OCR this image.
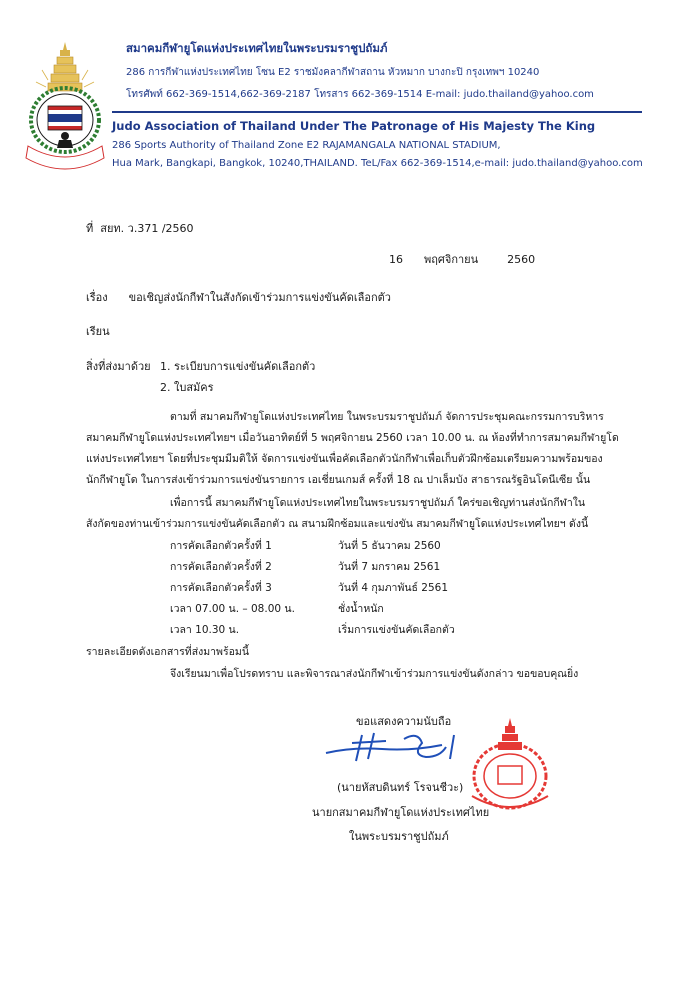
สมาคมกีฬายูโดแห่งประเทศไทยในพระบรมราชูปถัมภ์
286 การกีฬาแห่งประเทศไทย โซน E2 ราชมังคลากีฬาสถาน หัวหมาก บางกะปิ กรุงเทพฯ 10240
โทรศัพท์ 662-369-1514,662-369-2187 โทรสาร 662-369-1514 E-mail: judo.thailand@yahoo.com
Judo Association of Thailand Under The Patronage of His Majesty The King
286 Sports Authority of Thailand Zone E2 RAJAMANGALA NATIONAL STADIUM,
Hua Mark, Bangkapi, Bangkok, 10240,THAILAND. TeL/Fax 662-369-1514,e-mail: judo.thailand@yahoo.com
ที่ สยท. ว.371 /2560
16 พฤศจิกายน	2560
เรื่อง ขอเชิญส่งนักกีฬาในสังกัดเข้าร่วมการแข่งขันคัดเลือกตัว
เรียน
สิ่งที่ส่งมาด้วย 1. ระเบียบการแข่งขันคัดเลือกตัว
2. ใบสมัคร
ตามที่ สมาคมกีฬายูโดแห่งประเทศไทย ในพระบรมราชูปถัมภ์ จัดการประชุมคณะกรรมการบริหาร
สมาคมกีฬายูโดแห่งประเทศไทยฯ เมื่อวันอาทิตย์ที่ 5 พฤศจิกายน 2560 เวลา 10.00 น. ณ ห้องที่ทำการสมาคมกีฬายูโด
แห่งประเทศไทยฯ โดยที่ประชุมมีมติให้ จัดการแข่งขันเพื่อคัดเลือกตัวนักกีฬาเพื่อเก็บตัวฝึกซ้อมเตรียมความพร้อมของ
นักกีฬายูโด ในการส่งเข้าร่วมการแข่งขันรายการ เอเชี่ยนเกมส์ ครั้งที่ 18 ณ ปาเล็มบัง สาธารณรัฐอินโดนีเซีย นั้น
เพื่อการนี้ สมาคมกีฬายูโดแห่งประเทศไทยในพระบรมราชูปถัมภ์ ใคร่ขอเชิญท่านส่งนักกีฬาใน
สังกัดของท่านเข้าร่วมการแข่งขันคัดเลือกตัว ณ สนามฝึกซ้อมและแข่งขัน สมาคมกีฬายูโดแห่งประเทศไทยฯ ดังนี้
การคัดเลือกตัวครั้งที่ 1	วันที่ 5 ธันวาคม 2560
การคัดเลือกตัวครั้งที่ 2	วันที่ 7 มกราคม 2561
การคัดเลือกตัวครั้งที่ 3	วันที่ 4 กุมภาพันธ์ 2561
เวลา 07.00 น. – 08.00 น.	ชั่งน้ำหนัก
เวลา 10.30 น.	เริ่มการแข่งขันคัดเลือกตัว
รายละเอียดดังเอกสารที่ส่งมาพร้อมนี้
จึงเรียนมาเพื่อโปรดทราบ และพิจารณาส่งนักกีฬาเข้าร่วมการแข่งขันดังกล่าว ขอขอบคุณยิ่ง
ขอแสดงความนับถือ
(นายหัสบดินทร์ โรจนชีวะ)
นายกสมาคมกีฬายูโดแห่งประเทศไทย
ในพระบรมราชูปถัมภ์
